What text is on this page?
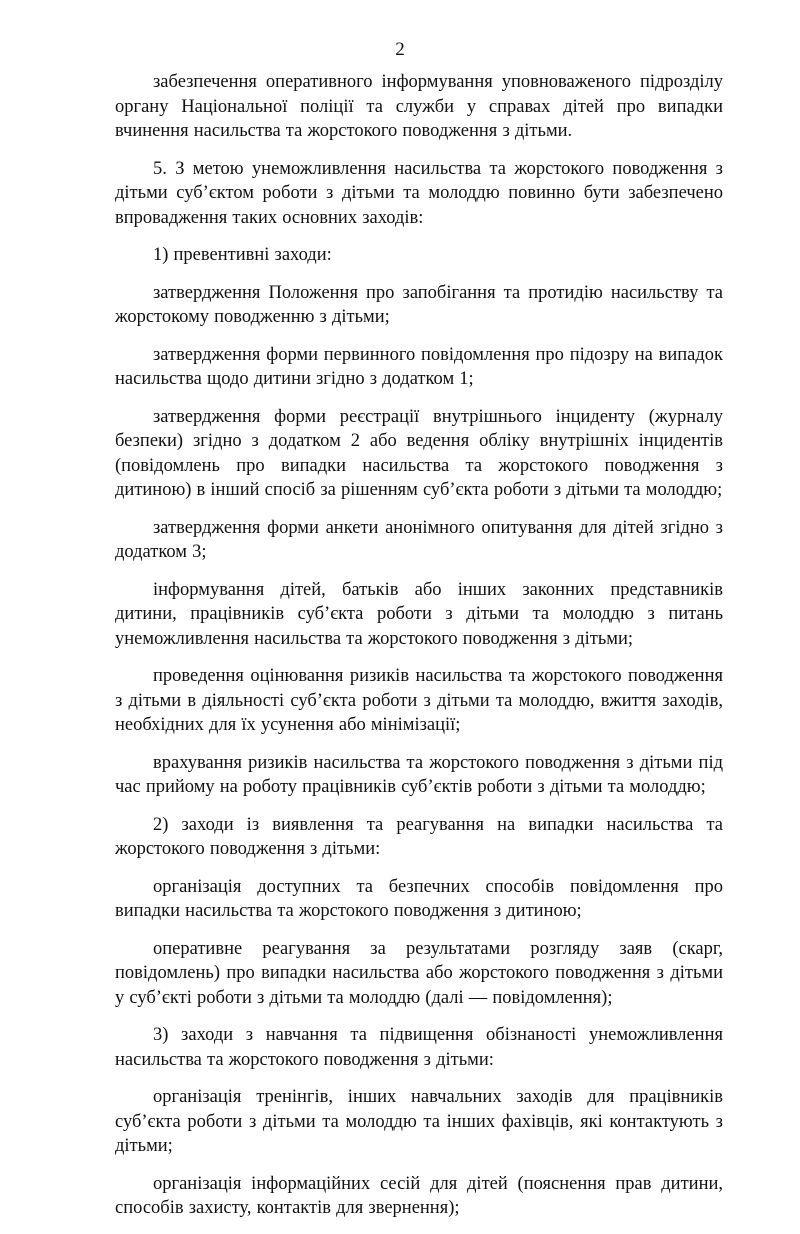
2

забезпечення оперативного інформування уповноваженого підрозділу органу Національної поліції та служби у справах дітей про випадки вчинення насильства та жорстокого поводження з дітьми.

5. З метою унеможливлення насильства та жорстокого поводження з дітьми суб’єктом роботи з дітьми та молоддю повинно бути забезпечено впровадження таких основних заходів:

1) превентивні заходи:

затвердження Положення про запобігання та протидію насильству та жорстокому поводженню з дітьми;

затвердження форми первинного повідомлення про підозру на випадок насильства щодо дитини згідно з додатком 1;

затвердження форми реєстрації внутрішнього інциденту (журналу безпеки) згідно з додатком 2 або ведення обліку внутрішніх інцидентів (повідомлень про випадки насильства та жорстокого поводження з дитиною) в інший спосіб за рішенням суб’єкта роботи з дітьми та молоддю;

затвердження форми анкети анонімного опитування для дітей згідно з додатком 3;

інформування дітей, батьків або інших законних представників дитини, працівників суб’єкта роботи з дітьми та молоддю з питань унеможливлення насильства та жорстокого поводження з дітьми;

проведення оцінювання ризиків насильства та жорстокого поводження з дітьми в діяльності суб’єкта роботи з дітьми та молоддю, вжиття заходів, необхідних для їх усунення або мінімізації;

врахування ризиків насильства та жорстокого поводження з дітьми під час прийому на роботу працівників суб’єктів роботи з дітьми та молоддю;

2) заходи із виявлення та реагування на випадки насильства та жорстокого поводження з дітьми:

організація доступних та безпечних способів повідомлення про випадки насильства та жорстокого поводження з дитиною;

оперативне реагування за результатами розгляду заяв (скарг, повідомлень) про випадки насильства або жорстокого поводження з дітьми у суб’єкті роботи з дітьми та молоддю (далі — повідомлення);

3) заходи з навчання та підвищення обізнаності унеможливлення насильства та жорстокого поводження з дітьми:

організація тренінгів, інших навчальних заходів для працівників суб’єкта роботи з дітьми та молоддю та інших фахівців, які контактують з дітьми;

організація інформаційних сесій для дітей (пояснення прав дитини, способів захисту, контактів для звернення);
